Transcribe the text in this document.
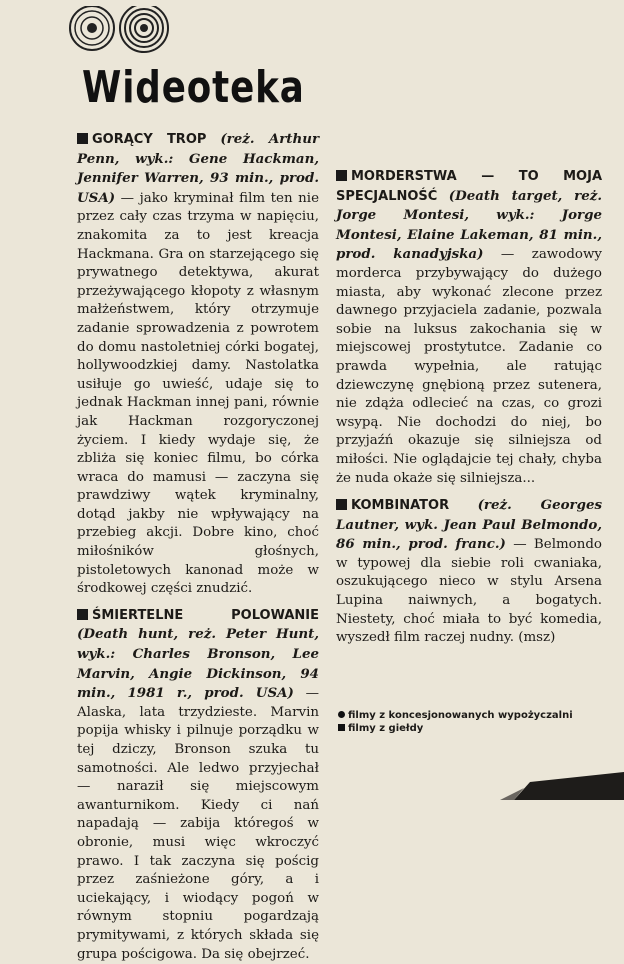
Wideoteka

GORĄCY TROP (reż. Arthur Penn, wyk.: Gene Hackman, Jennifer Warren, 93 min., prod. USA) — jako kryminał film ten nie przez cały czas trzyma w napięciu, znakomita za to jest kreacja Hackmana. Gra on starzejącego się prywatnego detektywa, akurat przeżywającego kłopoty z własnym małżeństwem, który otrzymuje zadanie sprowadzenia z powrotem do domu nastoletniej córki bogatej, hollywoodzkiej damy. Nastolatka usiłuje go uwieść, udaje się to jednak Hackman innej pani, równie jak Hackman rozgoryczonej życiem. I kiedy wydaje się, że zbliża się koniec filmu, bo córka wraca do mamusi — zaczyna się prawdziwy wątek kryminalny, dotąd jakby nie wpływający na przebieg akcji. Dobre kino, choć miłośników głośnych, pistoletowych kanonad może w środkowej części znudzić.

ŚMIERTELNE POLOWANIE (Death hunt, reż. Peter Hunt, wyk.: Charles Bronson, Lee Marvin, Angie Dickinson, 94 min., 1981 r., prod. USA) — Alaska, lata trzydzieste. Marvin popija whisky i pilnuje porządku w tej dziczy, Bronson szuka tu samotności. Ale ledwo przyjechał — naraził się miejscowym awanturnikom. Kiedy ci nań napadają — zabija któregoś w obronie, musi więc wkroczyć prawo. I tak zaczyna się pościg przez zaśnieżone góry, a i uciekający, i wiodący pogoń w równym stopniu pogardzają prymitywami, z których składa się grupa pościgowa. Da się obejrzeć.

MORDERSTWA — TO MOJA SPECJALNOŚĆ (Death target, reż. Jorge Montesi, wyk.: Jorge Montesi, Elaine Lakeman, 81 min., prod. kanadyjska) — zawodowy morderca przybywający do dużego miasta, aby wykonać zlecone przez dawnego przyjaciela zadanie, pozwala sobie na luksus zakochania się w miejscowej prostytutce. Zadanie co prawda wypełnia, ale ratując dziewczynę gnębioną przez sutenera, nie zdąża odlecieć na czas, co grozi wsypą. Nie dochodzi do niej, bo przyjaźń okazuje się silniejsza od miłości. Nie oglądajcie tej chały, chyba że nuda okaże się silniejsza...

KOMBINATOR (reż. Georges Lautner, wyk. Jean Paul Belmondo, 86 min., prod. franc.) — Belmondo w typowej dla siebie roli cwaniaka, oszukującego nieco w stylu Arsena Lupina naiwnych, a bogatych. Niestety, choć miała to być komedia, wyszedł film raczej nudny. (msz)

filmy z koncesjonowanych wypożyczalni
filmy z giełdy
